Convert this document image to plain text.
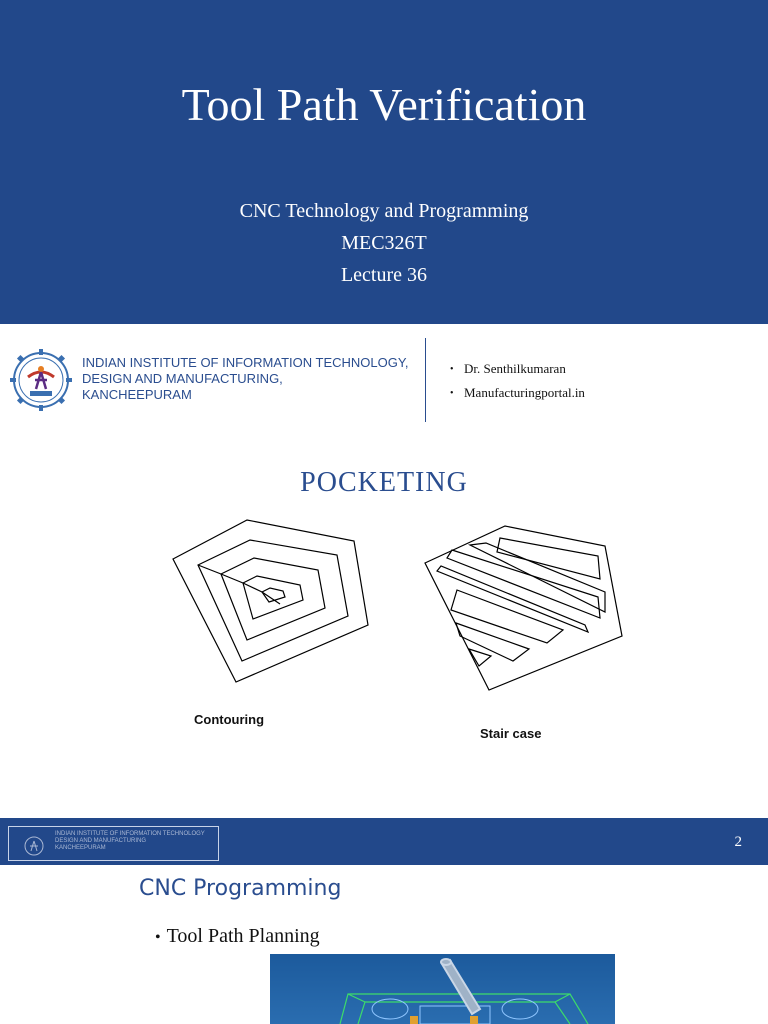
Tool Path Verification
CNC Technology and Programming
MEC326T
Lecture 36
INDIAN INSTITUTE OF INFORMATION TECHNOLOGY,
DESIGN AND MANUFACTURING,
KANCHEEPURAM
• Dr. Senthilkumaran
• Manufacturingportal.in
POCKETING
Contouring
Stair case
INDIAN INSTITUTE OF INFORMATION TECHNOLOGY
DESIGN AND MANUFACTURING
KANCHEEPURAM	2
CNC Programming
• Tool Path Planning
